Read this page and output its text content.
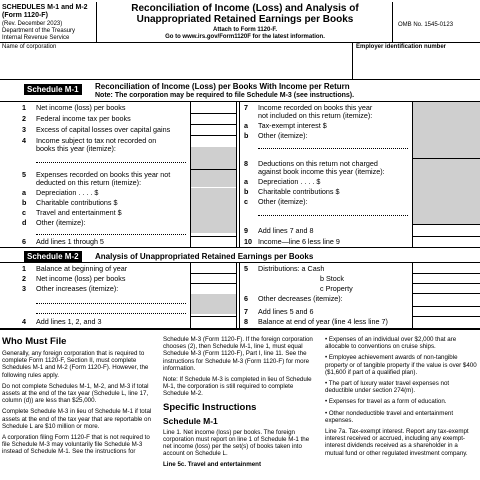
SCHEDULES M-1 and M-2
(Form 1120-F)
(Rev. December 2023)
Department of the Treasury
Internal Revenue Service
Reconciliation of Income (Loss) and Analysis of
Unappropriated Retained Earnings per Books
Attach to Form 1120-F.
Go to www.irs.gov/Form1120F for the latest information.
OMB No. 1545-0123
Name of corporation	Employer identification number
Schedule M-1	Reconciliation of Income (Loss) per Books With Income per Return
Note: The corporation may be required to file Schedule M-3 (see instructions).
1 Net income (loss) per books
2 Federal income tax per books
3 Excess of capital losses over capital gains
4 Income subject to tax not recorded on
books this year (itemize):
5 Expenses recorded on books this year not
deducted on this return (itemize):
a Depreciation . . . . $
b Charitable contributions $
c Travel and entertainment $
d Other (itemize):
6 Add lines 1 through 5
7 Income recorded on books this year
not included on this return (itemize):
a Tax-exempt interest $
b Other (itemize):
8 Deductions on this return not charged
against book income this year (itemize):
a Depreciation . . . . $
b Charitable contributions $
c Other (itemize):
9 Add lines 7 and 8
10 Income—line 6 less line 9
Schedule M-2	Analysis of Unappropriated Retained Earnings per Books
1 Balance at beginning of year
2 Net income (loss) per books
3 Other increases (itemize):
4 Add lines 1, 2, and 3
5 Distributions: a Cash
b Stock
c Property
6 Other decreases (itemize):
7 Add lines 5 and 6
8 Balance at end of year (line 4 less line 7)
Who Must File

Generally, any foreign corporation that is required to complete Form 1120-F, Section II, must complete Schedules M-1 and M-2 (Form 1120-F). However, the following rules apply.

Do not complete Schedules M-1, M-2, and M-3 if total assets at the end of the tax year (Schedule L, line 17, column (d)) are less than $25,000.

Complete Schedule M-3 in lieu of Schedule M-1 if total assets at the end of the tax year that are reportable on Schedule L are $10 million or more.

A corporation filing Form 1120-F that is not required to file Schedule M-3 may voluntarily file Schedule M-3 instead of Schedule M-1. See the instructions for

Schedule M-3 (Form 1120-F). If the foreign corporation chooses (2), then Schedule M-1, line 1, must equal Schedule M-3 (Form 1120-F), Part I, line 11. See the instructions for Schedule M-3 (Form 1120-F) for more information.

Note: If Schedule M-3 is completed in lieu of Schedule M-1, the corporation is still required to complete Schedule M-2.

Specific Instructions
Schedule M-1

Line 1. Net income (loss) per books. The foreign corporation must report on line 1 of Schedule M-1 the net income (loss) per the set(s) of books taken into account on Schedule L.

Line 5c. Travel and entertainment

• Expenses of an individual over $2,000 that are allocable to conventions on cruise ships.

• Employee achievement awards of non-tangible property or of tangible property if the value is over $400 ($1,600 if part of a qualified plan).

• The part of luxury water travel expenses not deductible under section 274(m).

• Expenses for travel as a form of education.

• Other nondeductible travel and entertainment expenses.

Line 7a. Tax-exempt interest. Report any tax-exempt interest received or accrued, including any exempt-interest dividends received as a shareholder in a mutual fund or other regulated investment company.
